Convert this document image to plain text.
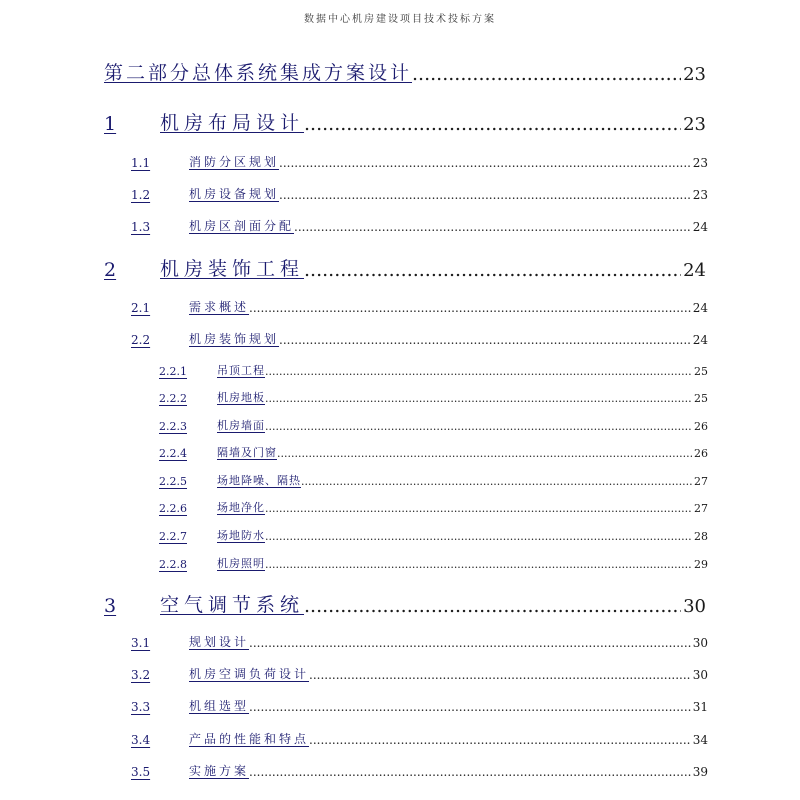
数据中心机房建设项目技术投标方案
第二部分总体系统集成方案设计 .....	23
1	机房布局设计 .....	23
1.1	消防分区规划 .....	23
1.2	机房设备规划 .....	23
1.3	机房区剖面分配 .....	24
2	机房装饰工程 .....	24
2.1	需求概述 .....	24
2.2	机房装饰规划 .....	24
2.2.1	吊顶工程 .....	25
2.2.2	机房地板 .....	25
2.2.3	机房墙面 .....	26
2.2.4	隔墙及门窗 .....	26
2.2.5	场地降噪、隔热 .....	27
2.2.6	场地净化 .....	27
2.2.7	场地防水 .....	28
2.2.8	机房照明 .....	29
3	空气调节系统 .....	30
3.1	规划设计 .....	30
3.2	机房空调负荷设计 .....	30
3.3	机组选型 .....	31
3.4	产品的性能和特点 .....	34
3.5	实施方案 .....	39
